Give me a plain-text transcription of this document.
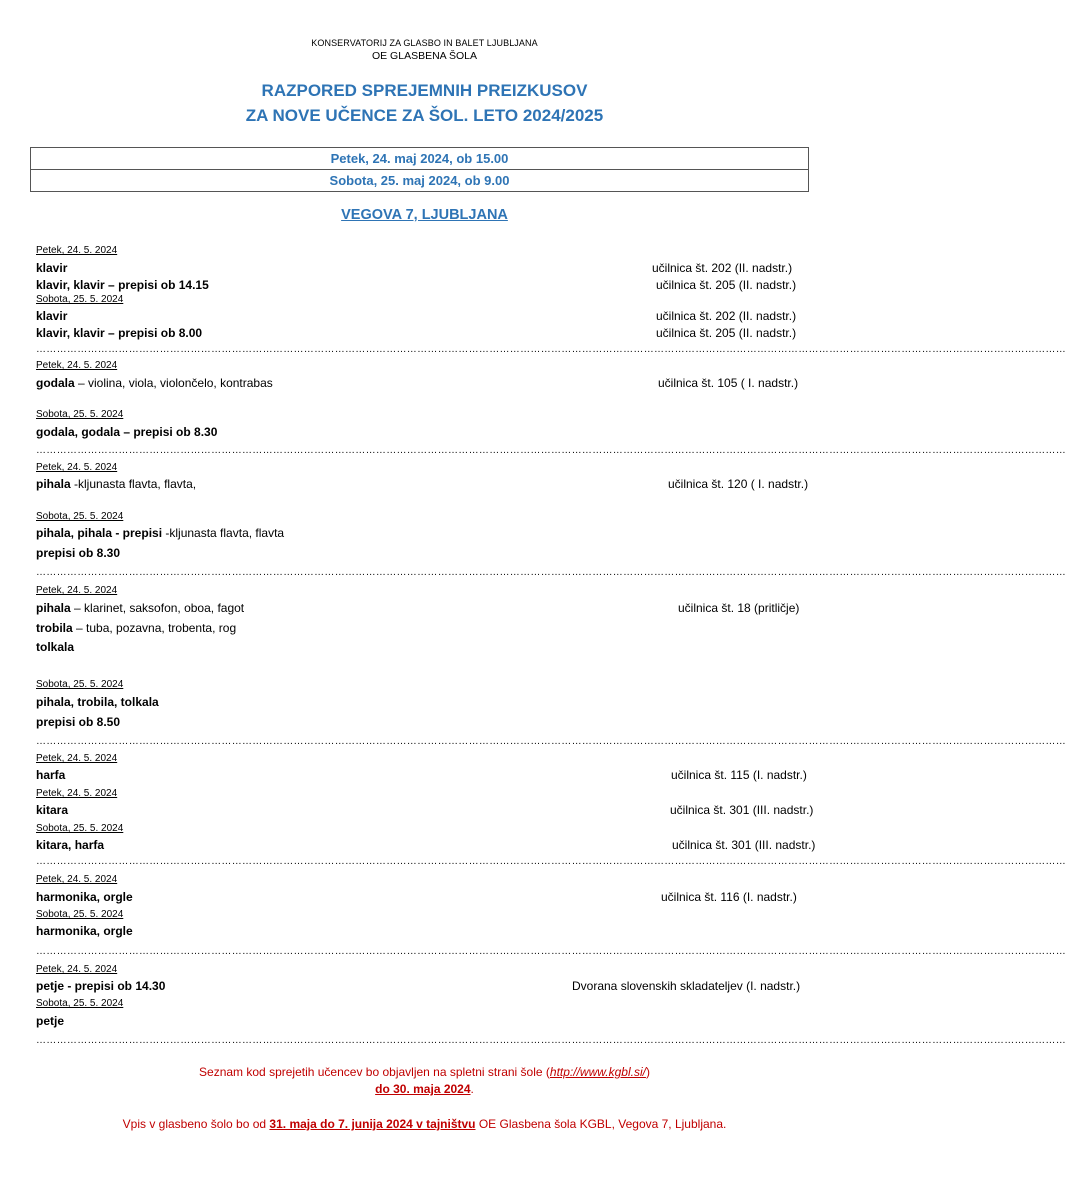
KONSERVATORIJ ZA GLASBO IN BALET LJUBLJANA
OE GLASBENA ŠOLA
RAZPORED SPREJEMNIH PREIZKUSOV
ZA NOVE UČENCE ZA ŠOL. LETO 2024/2025
Petek, 24. maj 2024, ob 15.00
Sobota, 25. maj 2024, ob 9.00
VEGOVA 7, LJUBLJANA
Petek, 24. 5. 2024
klavir	učilnica št. 202 (II. nadstr.)
klavir, klavir – prepisi ob 14.15	učilnica št. 205 (II. nadstr.)
Sobota, 25. 5. 2024
klavir	učilnica št. 202 (II. nadstr.)
klavir, klavir – prepisi ob 8.00	učilnica št. 205 (II. nadstr.)
…………………………………………………………………………………………………………………………………………………………………………………………………………………………………………………………………………
Petek, 24. 5. 2024
godala – violina, viola, violončelo, kontrabas	učilnica št. 105 ( I. nadstr.)
Sobota, 25. 5. 2024
godala, godala – prepisi ob 8.30
…………………………………………………………………………………………………………………………………………………………………………………………………………………………………………………………………………
Petek, 24. 5. 2024
pihala -kljunasta flavta, flavta,	učilnica št. 120 ( I. nadstr.)
Sobota, 25. 5. 2024
pihala, pihala - prepisi -kljunasta flavta, flavta
prepisi ob 8.30
…………………………………………………………………………………………………………………………………………………………………………………………………………………………………………………………………………
Petek, 24. 5. 2024
pihala – klarinet, saksofon, oboa, fagot	učilnica št. 18 (pritličje)
trobila – tuba, pozavna, trobenta, rog
tolkala
Sobota, 25. 5. 2024
pihala, trobila, tolkala
prepisi ob 8.50
…………………………………………………………………………………………………………………………………………………………………………………………………………………………………………………………………………
Petek, 24. 5. 2024
harfa	učilnica št. 115 (I. nadstr.)
Petek, 24. 5. 2024
kitara	učilnica št. 301 (III. nadstr.)
Sobota, 25. 5. 2024
kitara, harfa	učilnica št. 301 (III. nadstr.)
…………………………………………………………………………………………………………………………………………………………………………………………………………………………………………………………………………
Petek, 24. 5. 2024
harmonika, orgle	učilnica št. 116 (I. nadstr.)
Sobota, 25. 5. 2024
harmonika, orgle
…………………………………………………………………………………………………………………………………………………………………………………………………………………………………………………………………………
Petek, 24. 5. 2024
petje - prepisi ob 14.30	Dvorana slovenskih skladateljev (I. nadstr.)
Sobota, 25. 5. 2024
petje
…………………………………………………………………………………………………………………………………………………………………………………………………………………………………………………………………………
Seznam kod sprejetih učencev bo objavljen na spletni strani šole (http://www.kgbl.si/)
do 30. maja 2024.
Vpis v glasbeno šolo bo od 31. maja do 7. junija 2024 v tajništvu OE Glasbena šola KGBL, Vegova 7, Ljubljana.
